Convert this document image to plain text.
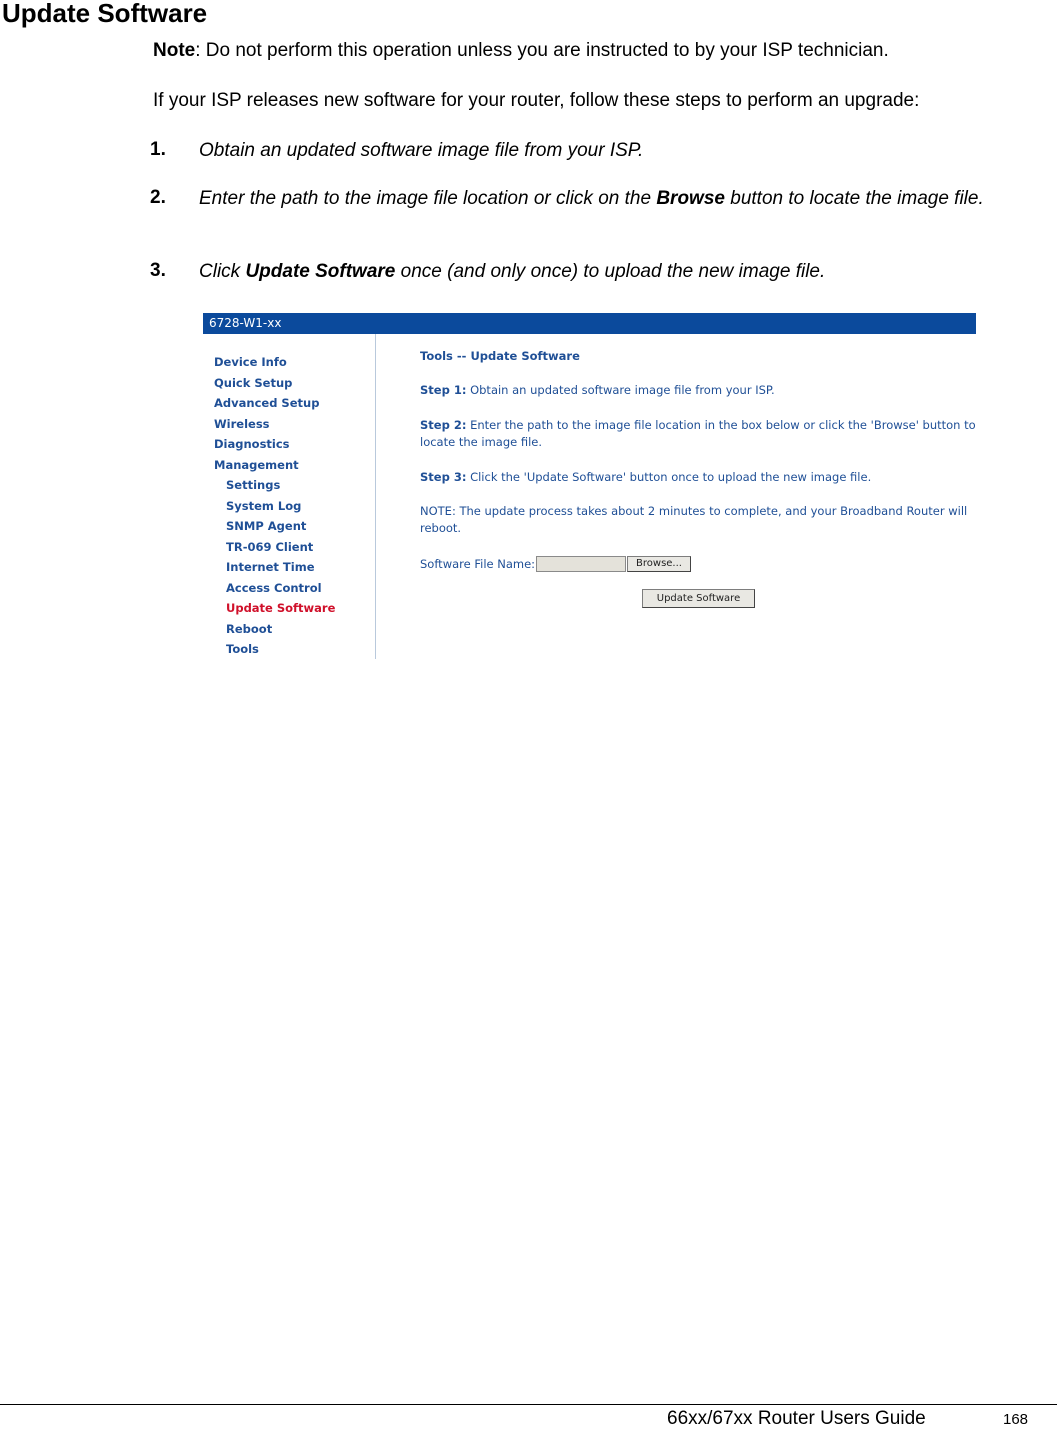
Update Software

Note: Do not perform this operation unless you are instructed to by your ISP technician.

If your ISP releases new software for your router, follow these steps to perform an upgrade:

1. Obtain an updated software image file from your ISP.
2. Enter the path to the image file location or click on the Browse button to locate the image file.
3. Click Update Software once (and only once) to upload the new image file.
6728-W1-xx
Device Info
Quick Setup
Advanced Setup
Wireless
Diagnostics
Management
Settings
System Log
SNMP Agent
TR-069 Client
Internet Time
Access Control
Update Software
Reboot
Tools
Tools -- Update Software
Step 1: Obtain an updated software image file from your ISP.
Step 2: Enter the path to the image file location in the box below or click the 'Browse' button to
locate the image file.
Step 3: Click the 'Update Software' button once to upload the new image file.
NOTE: The update process takes about 2 minutes to complete, and your Broadband Router will
reboot.
Software File Name:	Browse...
Update Software
66xx/67xx Router Users Guide	168
